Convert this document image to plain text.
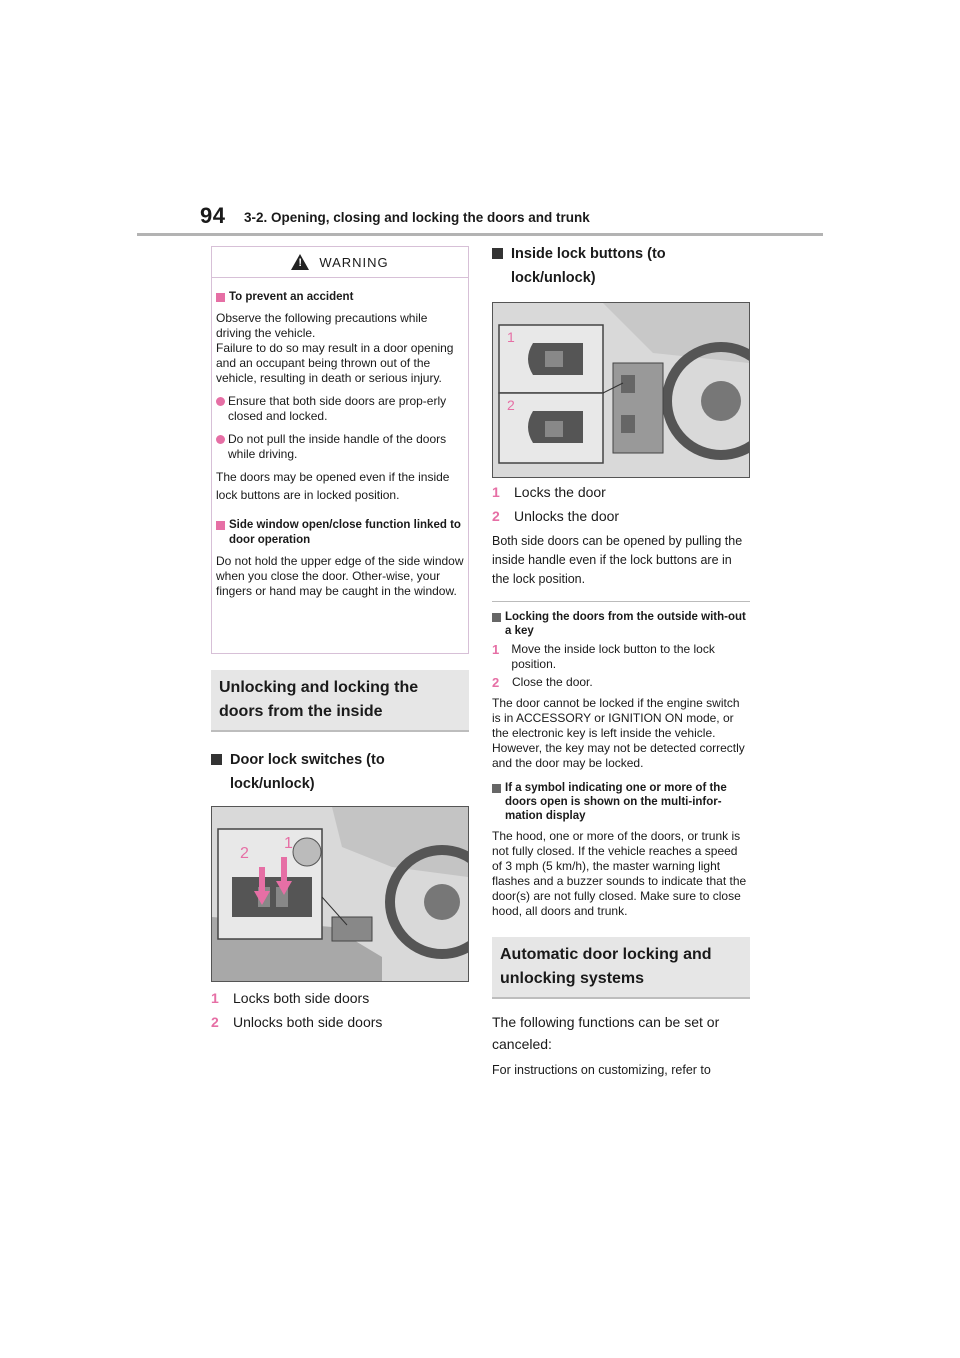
94 3-2. Opening, closing and locking the doors and trunk
!
WARNING
To prevent an accident

Observe the following precautions while driving the vehicle.
Failure to do so may result in a door opening and an occupant being thrown out of the vehicle, resulting in death or serious injury.

Ensure that both side doors are prop-erly closed and locked.
Do not pull the inside handle of the doors while driving.

The doors may be opened even if the inside lock buttons are in locked position.

Side window open/close function linked to door operation

Do not hold the upper edge of the side window when you close the door. Other-wise, your fingers or hand may be caught in the window.

Unlocking and locking the doors from the inside
Door lock switches (to lock/unlock)
2
1
1	Locks both side doors
2	Unlocks both side doors
Inside lock buttons (to lock/unlock)
1
2
1	Locks the door
2	Unlocks the door

Both side doors can be opened by pulling the inside handle even if the lock buttons are in the lock position.

Locking the doors from the outside with-out a key
1	Move the inside lock button to the lock position.
2	Close the door.

The door cannot be locked if the engine switch is in ACCESSORY or IGNITION ON mode, or the electronic key is left inside the vehicle. However, the key may not be detected correctly and the door may be locked.

If a symbol indicating one or more of the doors open is shown on the multi-infor-mation display

The hood, one or more of the doors, or trunk is not fully closed. If the vehicle reaches a speed of 3 mph (5 km/h), the master warning light flashes and a buzzer sounds to indicate that the door(s) are not fully closed. Make sure to close hood, all doors and trunk.

Automatic door locking and unlocking systems

The following functions can be set or canceled:

For instructions on customizing, refer to
